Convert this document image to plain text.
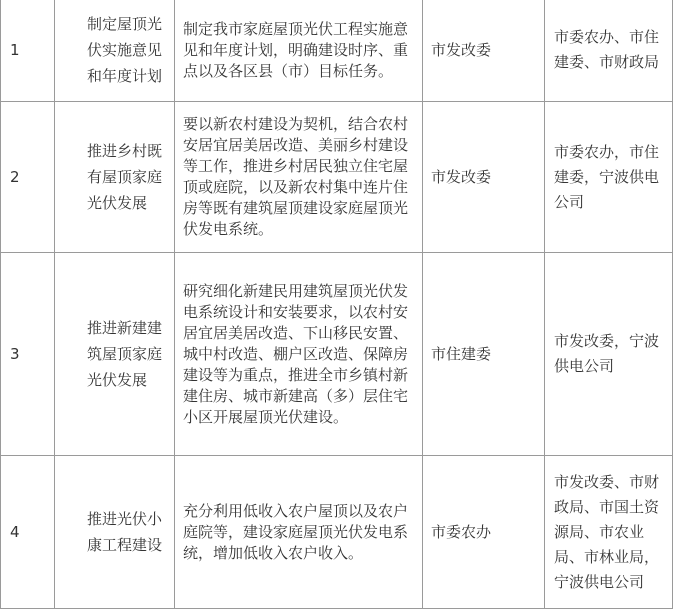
1	制定屋顶光伏实施意见和年度计划	制定我市家庭屋顶光伏工程实施意见和年度计划，明确建设时序、重点以及各区县（市）目标任务。	市发改委	市委农办、市住建委、市财政局
2	推进乡村既有屋顶家庭光伏发展	要以新农村建设为契机，结合农村安居宜居美居改造、美丽乡村建设等工作，推进乡村居民独立住宅屋顶或庭院，以及新农村集中连片住房等既有建筑屋顶建设家庭屋顶光伏发电系统。	市发改委	市委农办，市住建委，宁波供电公司
3	推进新建建筑屋顶家庭光伏发展	研究细化新建民用建筑屋顶光伏发电系统设计和安装要求，以农村安居宜居美居改造、下山移民安置、城中村改造、棚户区改造、保障房建设等为重点，推进全市乡镇村新建住房、城市新建高（多）层住宅小区开展屋顶光伏建设。	市住建委	市发改委，宁波供电公司
4	推进光伏小康工程建设	充分利用低收入农户屋顶以及农户庭院等，建设家庭屋顶光伏发电系统，增加低收入农户收入。	市委农办	市发改委、市财政局、市国土资源局、市农业局、市林业局，宁波供电公司
